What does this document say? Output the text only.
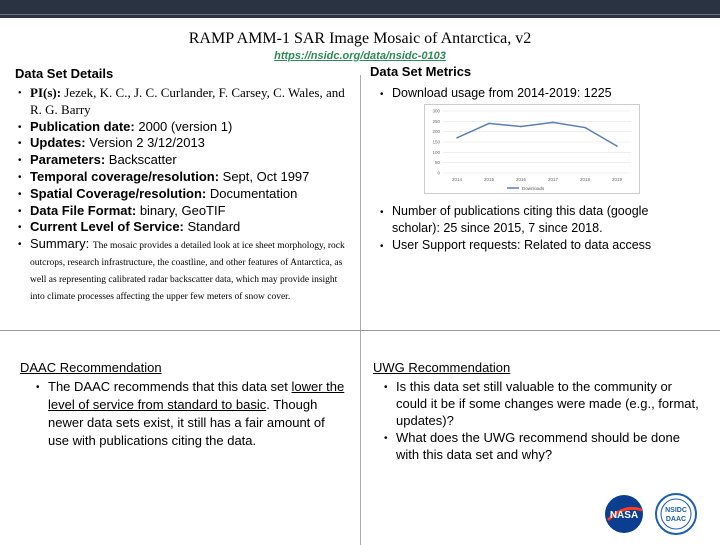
RAMP AMM-1 SAR Image Mosaic of Antarctica, v2
https://nsidc.org/data/nsidc-0103
Data Set Details	Data Set Metrics
• PI(s): Jezek, K. C., J. C. Curlander, F. Carsey, C. Wales, and R. G. Barry
• Publication date: 2000 (version 1)
• Updates: Version 2 3/12/2013
• Parameters: Backscatter
• Temporal coverage/resolution: Sept, Oct 1997
• Spatial Coverage/resolution: Documentation
• Data File Format: binary, GeoTIF
• Current Level of Service: Standard
• Summary: The mosaic provides a detailed look at ice sheet morphology, rock outcrops, research infrastructure, the coastline, and other features of Antarctica, as well as representing calibrated radar backscatter data, which may provide insight into climate processes affecting the upper few meters of snow cover.
• Download usage from 2014-2019: 1225
300
250
200
150
100
50
0
2014	2015	2016	2017	2018	2019
Downloads
• Number of publications citing this data (google scholar): 25 since 2015, 7 since 2018.
• User Support requests: Related to data access
DAAC Recommendation
• The DAAC recommends that this data set lower the level of service from standard to basic. Though newer data sets exist, it still has a fair amount of use with publications citing the data.
UWG Recommendation
• Is this data set still valuable to the community or could it be if some changes were made (e.g., format, updates)?
• What does the UWG recommend should be done with this data set and why?
NASA	NSIDC
DAAC
